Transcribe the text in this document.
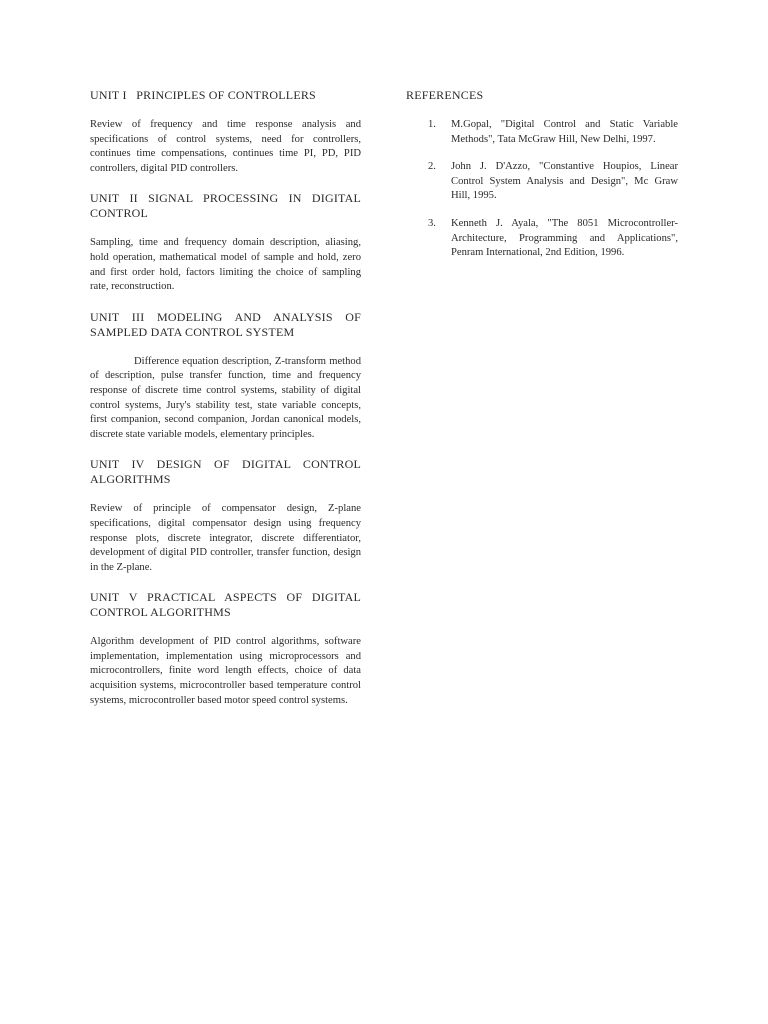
UNIT I   PRINCIPLES OF CONTROLLERS

Review of frequency and time response analysis and specifications of control systems, need for controllers, continues time compensations, continues time PI, PD, PID controllers, digital PID controllers.

UNIT II SIGNAL PROCESSING IN DIGITAL CONTROL

Sampling, time and frequency domain description, aliasing, hold operation, mathematical model of sample and hold, zero and first order hold, factors limiting the choice of sampling rate, reconstruction.

UNIT III MODELING AND ANALYSIS OF SAMPLED DATA CONTROL SYSTEM

Difference equation description, Z-transform method of description, pulse transfer function, time and frequency response of discrete time control systems, stability of digital control systems, Jury's stability test, state variable concepts, first companion, second companion, Jordan canonical models, discrete state variable models, elementary principles.

UNIT IV DESIGN OF DIGITAL CONTROL ALGORITHMS

Review of principle of compensator design, Z-plane specifications, digital compensator design using frequency response plots, discrete integrator, discrete differentiator, development of digital PID controller, transfer function, design in the Z-plane.

UNIT V PRACTICAL ASPECTS OF DIGITAL CONTROL ALGORITHMS

Algorithm development of PID control algorithms, software implementation, implementation using microprocessors and microcontrollers, finite word length effects, choice of data acquisition systems, microcontroller based temperature control systems, microcontroller based motor speed control systems.

REFERENCES
1. M.Gopal, "Digital Control and Static Variable Methods", Tata McGraw Hill, New Delhi, 1997.
2. John J. D'Azzo, "Constantive Houpios, Linear Control System Analysis and Design", Mc Graw Hill, 1995.
3. Kenneth J. Ayala, "The 8051 Microcontroller- Architecture, Programming and Applications", Penram International, 2nd Edition, 1996.
